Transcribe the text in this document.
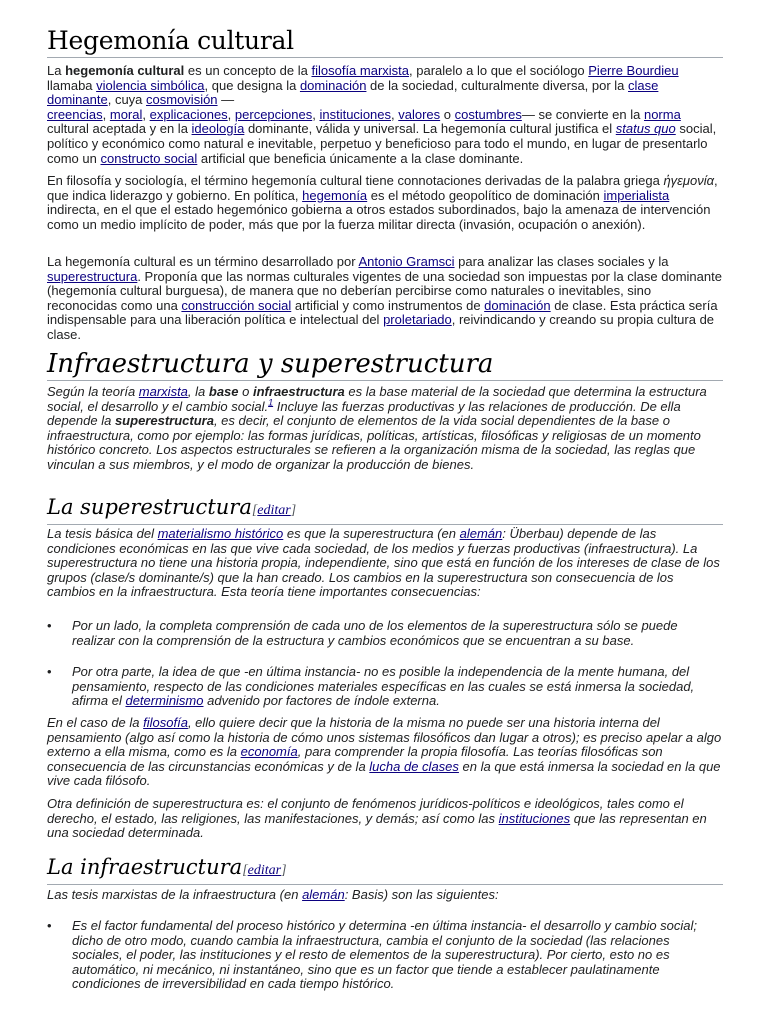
Hegemonía cultural

La hegemonía cultural es un concepto de la filosofía marxista, paralelo a lo que el sociólogo Pierre Bourdieu llamaba violencia simbólica, que designa la dominación de la sociedad, culturalmente diversa, por la clase dominante, cuya cosmovisión —
creencias, moral, explicaciones, percepciones, instituciones, valores o costumbres— se convierte en la norma cultural aceptada y en la ideología dominante, válida y universal. La hegemonía cultural justifica el status quo social, político y económico como natural e inevitable, perpetuo y beneficioso para todo el mundo, en lugar de presentarlo como un constructo social artificial que beneficia únicamente a la clase dominante.

En filosofía y sociología, el término hegemonía cultural tiene connotaciones derivadas de la palabra griega ἡγεμονία, que indica liderazgo y gobierno. En política, hegemonía es el método geopolítico de dominación imperialista indirecta, en el que el estado hegemónico gobierna a otros estados subordinados, bajo la amenaza de intervención como un medio implícito de poder, más que por la fuerza militar directa (invasión, ocupación o anexión).

La hegemonía cultural es un término desarrollado por Antonio Gramsci para analizar las clases sociales y la superestructura. Proponía que las normas culturales vigentes de una sociedad son impuestas por la clase dominante (hegemonía cultural burguesa), de manera que no deberían percibirse como naturales o inevitables, sino reconocidas como una construcción social artificial y como instrumentos de dominación de clase. Esta práctica sería indispensable para una liberación política e intelectual del proletariado, reivindicando y creando su propia cultura de clase.

Infraestructura y superestructura

Según la teoría marxista, la base o infraestructura es la base material de la sociedad que determina la estructura social, el desarrollo y el cambio social.$^1$ Incluye las fuerzas productivas y las relaciones de producción. De ella depende la superestructura, es decir, el conjunto de elementos de la vida social dependientes de la base o infraestructura, como por ejemplo: las formas jurídicas, políticas, artísticas, filosóficas y religiosas de un momento histórico concreto. Los aspectos estructurales se refieren a la organización misma de la sociedad, las reglas que vinculan a sus miembros, y el modo de organizar la producción de bienes.

La superestructura[editar]

La tesis básica del materialismo histórico es que la superestructura (en alemán: Überbau) depende de las condiciones económicas en las que vive cada sociedad, de los medios y fuerzas productivas (infraestructura). La superestructura no tiene una historia propia, independiente, sino que está en función de los intereses de clase de los grupos (clase/s dominante/s) que la han creado. Los cambios en la superestructura son consecuencia de los cambios en la infraestructura. Esta teoría tiene importantes consecuencias:

• Por un lado, la completa comprensión de cada uno de los elementos de la superestructura sólo se puede realizar con la comprensión de la estructura y cambios económicos que se encuentran a su base.
• Por otra parte, la idea de que -en última instancia- no es posible la independencia de la mente humana, del pensamiento, respecto de las condiciones materiales específicas en las cuales se está inmersa la sociedad, afirma el determinismo advenido por factores de índole externa.

En el caso de la filosofía, ello quiere decir que la historia de la misma no puede ser una historia interna del pensamiento (algo así como la historia de cómo unos sistemas filosóficos dan lugar a otros); es preciso apelar a algo externo a ella misma, como es la economía, para comprender la propia filosofía. Las teorías filosóficas son consecuencia de las circunstancias económicas y de la lucha de clases en la que está inmersa la sociedad en la que vive cada filósofo.

Otra definición de superestructura es: el conjunto de fenómenos jurídicos-políticos e ideológicos, tales como el derecho, el estado, las religiones, las manifestaciones, y demás; así como las instituciones que las representan en una sociedad determinada.

La infraestructura[editar]

Las tesis marxistas de la infraestructura (en alemán: Basis) son las siguientes:

• Es el factor fundamental del proceso histórico y determina -en última instancia- el desarrollo y cambio social; dicho de otro modo, cuando cambia la infraestructura, cambia el conjunto de la sociedad (las relaciones sociales, el poder, las instituciones y el resto de elementos de la superestructura). Por cierto, esto no es automático, ni mecánico, ni instantáneo, sino que es un factor que tiende a establecer paulatinamente condiciones de irreversibilidad en cada tiempo histórico.
